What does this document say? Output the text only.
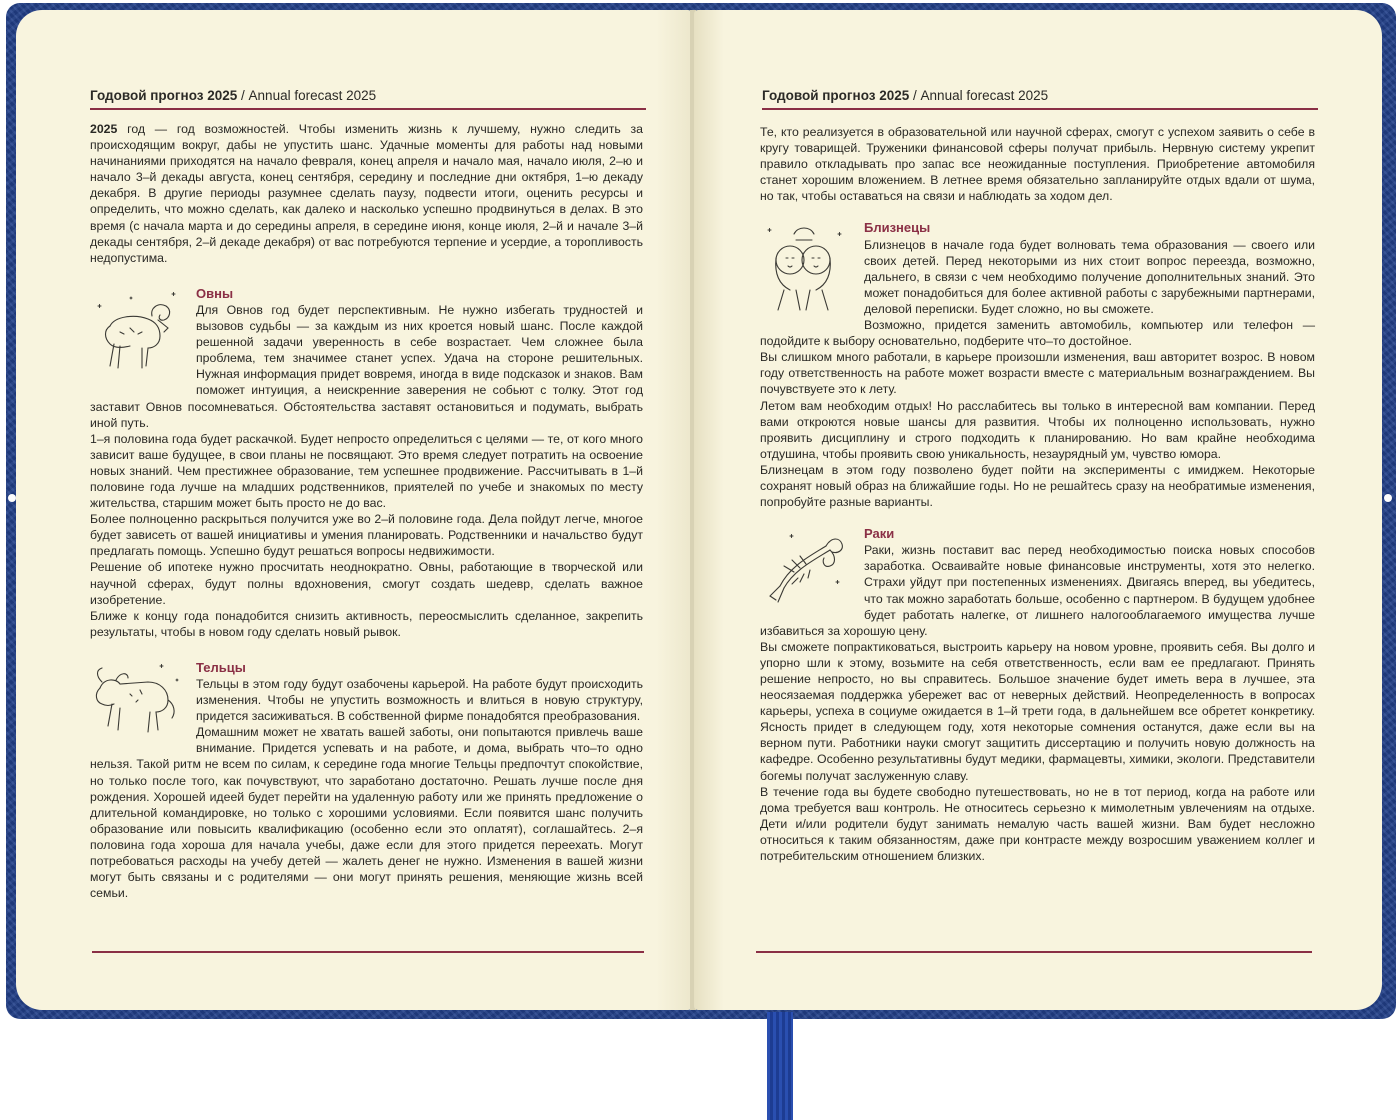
Годовой прогноз 2025 / Annual forecast 2025

2025 год — год возможностей. Чтобы изменить жизнь к лучшему, нужно следить за происходящим вокруг, дабы не упустить шанс. Удачные моменты для работы над новыми начинаниями приходятся на начало февраля, конец апреля и начало мая, начало июля, 2–ю и начало 3–й декады августа, конец сентября, середину и последние дни октября, 1–ю декаду декабря. В другие периоды разумнее сделать паузу, подвести итоги, оценить ресурсы и определить, что можно сделать, как далеко и насколько успешно продвинуться в делах. В это время (с начала марта и до середины апреля, в середине июня, конце июля, 2–й и начале 3–й декады сентября, 2–й декаде декабря) от вас потребуются терпение и усердие, а торопливость недопустима.

Овны

Для Овнов год будет перспективным. Не нужно избегать трудностей и вызовов судьбы — за каждым из них кроется новый шанс. После каждой решенной задачи уверенность в себе возрастает. Чем сложнее была проблема, тем значимее станет успех. Удача на стороне решительных. Нужная информация придет вовремя, иногда в виде подсказок и знаков. Вам поможет интуиция, а неискренние заверения не собьют с толку. Этот год заставит Овнов посомневаться. Обстоятельства заставят остановиться и подумать, выбрать иной путь.

1–я половина года будет раскачкой. Будет непросто определиться с целями — те, от кого много зависит ваше будущее, в свои планы не посвящают. Это время следует потратить на освоение новых знаний. Чем престижнее образование, тем успешнее продвижение. Рассчитывать в 1–й половине года лучше на младших родственников, приятелей по учебе и знакомых по месту жительства, старшим может быть просто не до вас.

Более полноценно раскрыться получится уже во 2–й половине года. Дела пойдут легче, многое будет зависеть от вашей инициативы и умения планировать. Родственники и начальство будут предлагать помощь. Успешно будут решаться вопросы недвижимости.

Решение об ипотеке нужно просчитать неоднократно. Овны, работающие в творческой или научной сферах, будут полны вдохновения, смогут создать шедевр, сделать важное изобретение.

Ближе к концу года понадобится снизить активность, переосмыслить сделанное, закрепить результаты, чтобы в новом году сделать новый рывок.

Тельцы

Тельцы в этом году будут озабочены карьерой. На работе будут происходить изменения. Чтобы не упустить возможность и влиться в новую структуру, придется засиживаться. В собственной фирме понадобятся преобразования.

Домашним может не хватать вашей заботы, они попытаются привлечь ваше внимание. Придется успевать и на работе, и дома, выбрать что–то одно нельзя. Такой ритм не всем по силам, к середине года многие Тельцы предпочтут спокойствие, но только после того, как почувствуют, что заработано достаточно. Решать лучше после дня рождения. Хорошей идеей будет перейти на удаленную работу или же принять предложение о длительной командировке, но только с хорошими условиями. Если появится шанс получить образование или повысить квалификацию (особенно если это оплатят), соглашайтесь. 2–я половина года хороша для начала учебы, даже если для этого придется переехать. Могут потребоваться расходы на учебу детей — жалеть денег не нужно. Изменения в вашей жизни могут быть связаны и с родителями — они могут принять решения, меняющие жизнь всей семьи.

Годовой прогноз 2025 / Annual forecast 2025

Те, кто реализуется в образовательной или научной сферах, смогут с успехом заявить о себе в кругу товарищей. Труженики финансовой сферы получат прибыль. Нервную систему укрепит правило откладывать про запас все неожиданные поступления. Приобретение автомобиля станет хорошим вложением. В летнее время обязательно запланируйте отдых вдали от шума, но так, чтобы оставаться на связи и наблюдать за ходом дел.

Близнецы

Близнецов в начале года будет волновать тема образования — своего или своих детей. Перед некоторыми из них стоит вопрос переезда, возможно, дальнего, в связи с чем необходимо получение дополнительных знаний. Это может понадобиться для более активной работы с зарубежными партнерами, деловой переписки. Будет сложно, но вы сможете.

Возможно, придется заменить автомобиль, компьютер или телефон — подойдите к выбору основательно, подберите что–то достойное.

Вы слишком много работали, в карьере произошли изменения, ваш авторитет возрос. В новом году ответственность на работе может возрасти вместе с материальным вознаграждением. Вы почувствуете это к лету.

Летом вам необходим отдых! Но расслабитесь вы только в интересной вам компании. Перед вами откроются новые шансы для развития. Чтобы их полноценно использовать, нужно проявить дисциплину и строго подходить к планированию. Но вам крайне необходима отдушина, чтобы проявить свою уникальность, незаурядный ум, чувство юмора.

Близнецам в этом году позволено будет пойти на эксперименты с имиджем. Некоторые сохранят новый образ на ближайшие годы. Но не решайтесь сразу на необратимые изменения, попробуйте разные варианты.

Раки

Раки, жизнь поставит вас перед необходимостью поиска новых способов заработка. Осваивайте новые финансовые инструменты, хотя это нелегко. Страхи уйдут при постепенных изменениях. Двигаясь вперед, вы убедитесь, что так можно заработать больше, особенно с партнером. В будущем удобнее будет работать налегке, от лишнего налогооблагаемого имущества лучше избавиться за хорошую цену.

Вы сможете попрактиковаться, выстроить карьеру на новом уровне, проявить себя. Вы долго и упорно шли к этому, возьмите на себя ответственность, если вам ее предлагают. Принять решение непросто, но вы справитесь. Большое значение будет иметь вера в лучшее, эта неосязаемая поддержка убережет вас от неверных действий. Неопределенность в вопросах карьеры, успеха в социуме ожидается в 1–й трети года, в дальнейшем все обретет конкретику. Ясность придет в следующем году, хотя некоторые сомнения останутся, даже если вы на верном пути. Работники науки смогут защитить диссертацию и получить новую должность на кафедре. Особенно результативны будут медики, фармацевты, химики, экологи. Представители богемы получат заслуженную славу.

В течение года вы будете свободно путешествовать, но не в тот период, когда на работе или дома требуется ваш контроль. Не относитесь серьезно к мимолетным увлечениям на отдыхе. Дети и/или родители будут занимать немалую часть вашей жизни. Вам будет несложно относиться к таким обязанностям, даже при контрасте между возросшим уважением коллег и потребительским отношением близких.
